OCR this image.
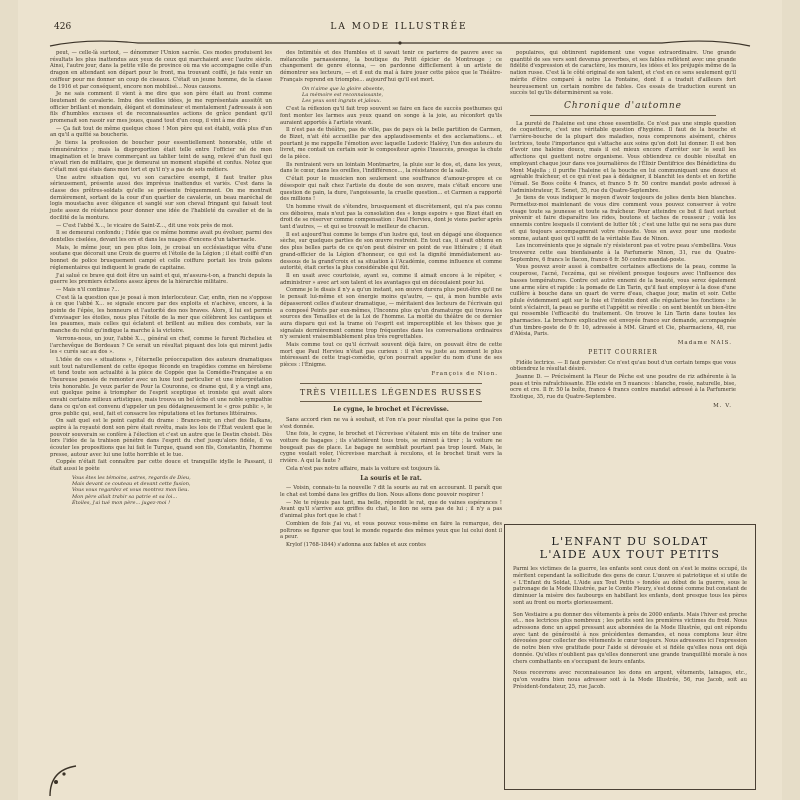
426	LA MODE ILLUSTRÉE

peut, — celle-là surtout, — dénommer l'Union sacrée. Ces modes produisent les résultats les plus inattendus aux yeux de ceux qui marchaient avec l'autre siècle. Ainsi, l'autre jour, dans la petite ville de province où ma vie accompagne celle d'un dragon en attendant son départ pour le front, ma trouvant coiffé, je fais venir un coiffeur pour me donner un coup de ciseaux. C'était un jeune homme, de la classe de 1916 et par conséquent, encore non mobilisé... Nous causons.

Je ne sais comment il vient à me dire que son père était au front comme lieutenant de cavalerie. Imbu des vieilles idées, je me représentais aussitôt un officier brillant et mondain, élégant et dominateur et mentalement j'adressais à son fils d'humbles excuses et de reconnaissantes actions de grâce pendant qu'il promenait son rasoir sur mes joues, quand tout d'un coup, il vint à me dire :

— Ça fait tout de même quelque chose ! Mon père qui est établi, voilà plus d'un an qu'il a quitté sa boucherie.

Je tiens la profession de boucher pour essentiellement honorable, utile et rémunératrice ; mais la disproportion était telle entre l'officier né de mon imagination et le brave commerçant au tablier teint de sang, relevé d'un fusil qui n'avait rien de militaire, que je demeurai un moment stupéfié et confus. Notez que c'était moi qui étais dans mon tort et qu'il n'y a pas de sots métiers.

Une autre situation qui, vu son caractère exempt, il faut traiter plus sérieusement, présente aussi des imprévus inattendus et variés. C'est dans la classe des prêtres-soldats qu'elle se présente fréquemment. On me montrait dernièrement, sortant de la cour d'un quartier de cavalerie, un beau maréchal de logis moustachu avec élégance et sanglé sur son cheval fringant qui faisait tout juste assez de résistance pour donner une idée de l'habileté du cavalier et de la docilité de la monture.

— C'est l'abbé X..., le vicaire de Saint-Z..., dit une voix près de moi.

Il se demeurai confondu ; l'idée que ce même homme avait pu évoluer, parmi des dentelles ciselées, devant les ors et dans les nuages d'encens d'un tabernacle.

Mais, le même jour, un peu plus loin, je croisai un ecclésiastique vêtu d'une soutane que décorait une Croix de guerre et l'étoile de la Légion ; il était coiffé d'un bonnet de police brusquement campé et celle coiffure portait les trois galons réglementaires qui indiquent le grade de capitaine.

J'ai salué ce brave qui doit être un saint et qui, m'assura-t-on, a franchi depuis la guerre les premiers échelons assez âpres de la hiérarchie militaire.

— Mais n'il continue ?...

C'est là la question que je posai à mon interlocuteur. Car, enfin, rien ne s'oppose à ce que l'abbé X... se signale encore par des exploits et n'achève, encore, à la pointe de l'épée, les honneurs et l'autorité des nos braves. Alors, il lui est permis d'envisager les étoiles, nous plus l'étoile de la mer que célèbrent les cantiques et les psaumes, mais celles qui éclatent et brillent au milieu des combats, sur la manche du relui qu'indique la marche à la victoire.

Verrons-nous, un jour, l'abbé X..., général en chef, comme le furent Richelieu et l'archevêque de Bordeaux ? Ce serait un résultat piquant des lois qui mirent jadis les « curés sac au dos ».

L'idée de ces « situations », l'éternelle préoccupation des auteurs dramatiques suit tout naturellement de cette époque féconde en tragédies comme en héroïsme et tend toute son actualité à la pièce de Coppée que la Comédie-Française a eu l'heureuse pensée de remonter avec un luxe tout particulier et une interprétation très honorable. Je veux parler de Pour la Couronne, ce drame qui, il y a vingt ans, eut quelque peine à triompher de l'esprit sceptique et ironiste qui avait alors envahi certains milieux artistiques, mais trouva un bel écho et une noble sympathie dans ce qu'on est convenu d'appeler un peu dédaigneusement le « gros public », le gros public qui, seul, fait et consacre les réputations et les fortunes littéraires.

On sait quel est le point capital du drame : Branco-mir, un chef des Balkans, aspire à la royauté dont son père était revêtu, mais les lois de l'État veulent que le pouvoir souverain se confère à l'élection et c'est un autre que le Destin choisit. Dès lors l'idée de la trahison pénètre dans l'esprit du chef jusqu'alors fidèle, il va écouter les propositions que lui fait le Turque, quand son fils, Constantin, l'homme presse, autour avec lui une lutte horrible et le tue.

Coppée n'était fait connaître par cette douce et tranquille idylle le Passant, il était aussi le poète

Vous êtes les témoins, astres, regards de Dieu,
Mais devant ce couteau et devant cette fusion,
Vous vous regardez et vous montrez mon lieu.
Mon père allait trahir sa patrie et sa loi...
Étoiles, j'ai tué mon père... jugez-moi !

des Intimités et des Humbles et il savait tenir ce parterre de pauvre avec sa mélancolie parnassienne, la boutique du Petit épicier de Montrouge ; ce changement de genre étonna, — on pardonne difficilement à un artiste de démontrer ses lecteurs, — et il eut du mal à faire jouer cette pièce que le Théâtre-Français reprend en triomphe... aujourd'hui qu'il est mort.

On n'aime que la gloire absente,
La mémoire est reconnaissante,
Les yeux sont ingrats et jaloux.

C'est la réflexion qu'il fait trop souvent se faire en face de succès posthumes qui font monter les larmes aux yeux quand on songe à la joie, au réconfort qu'ils auraient apportés à l'artiste vivant.

Il n'est pas de théâtre, pas de ville, pas de pays où la belle partition de Carmen, de Bizet, n'ait été accueillie par des applaudissements et des acclamations... et pourtant je me rappelle l'émotion avec laquelle Ludovic Halévy, l'un des auteurs du livret, me contait un certain soir le compositeur après l'insuccès, presque la chute de la pièce.

Ils rentraient vers un lointain Montmartre, la pluie sur le dos, et, dans les yeux, dans le cœur, dans les oreilles, l'indifférence..., la résistance de la salle.

C'était pour le musicien non seulement une souffrance d'amour-propre et ce désespoir qui naît chez l'artiste du doute de son œuvre, mais c'était encore une question de pain, la dure, l'angoissante, la cruelle question... et Carmen a rapporté des millions !

Un homme vivait de s'étendre, brusquement et discrètement, qui n'a pas connu ces déboires, mais n'eut pas la consolation des « longs espoirs » que Bizet était en droit de se réserver comme compensation : Paul Hervieu, dont je viens parler après tant d'autres, — et qui se trouvait le meilleur de chacun.

Il est aujourd'hui comme le temps d'un lustre qui, tout en dégagé une éloquence sèche, sur quelques parties de son œuvre restreint. En tout cas, il avait obtenu en des plus belles parts de ce qu'on peut désirer en point de vue littéraire ; il était grand-officier de la Légion d'honneur, ce qui est la dignité immédiatement au-dessous de la grand'croix et sa situation à l'Académie, comme influence et comme autorité, était certes la plus considérable qui fût.

Il en usait avec courtoisie, ayant su, comme il aimait encore à le répéter, « administrer » avec art son talent et les avantages qui en découlaient pour lui.

Comme je le disais il n'y a qu'un instant, son œuvre durera plus peut-être qu'il ne le pensait lui-même et son énergie moins qu'autre, — qui, à mon humble avis dépasseront celles d'auteur dramatique, — méritaient des lecteurs de l'écrivain qui a composé Peints par eux-mêmes, l'Inconnu plus qu'un dramaturge qui trouva les sources des Tenailles et de la Loi de l'homme. La moitié du théâtre de ce dernier aura disparu qui est la trame où l'esprit est imperceptible et les thèses que je signalais dernièrement comme trop fréquentes dans les conversations ordinaires n'y seraient vraisemblablement plus très regrettables.

Mais comme tout ce qu'il écrivait souvent déjà faire, on pouvait être de cette mort que Paul Hervieu n'était pas curieux : il n'en va juste au moment le plus intéressant de cette tragi-comédie, qu'on pourrait appeler du nom d'une de ses pièces : l'Énigme.

François de Nion.
TRÈS VIEILLES LÉGENDES RUSSES
Le cygne, le brochet et l'écrevisse.

Sans accord rien ne va à souhait, et l'on n'a pour résultat que la peine que l'on s'est donnée.

Une fois, le cygne, le brochet et l'écrevisse s'étaient mis en tête de traîner une voiture de bagages ; ils s'attelèrent tous trois, se mirent à tirer ; la voiture ne bougeait pas de place. Le bagage ne semblait pourtant pas trop lourd. Mais, le cygne voulait voler, l'écrevisse marchait à reculons, et le brochet tirait vers la rivière. A qui la faute ?

Cela n'est pas notre affaire, mais la voiture est toujours là.

La souris et le rat.

— Voisin, connais-tu la nouvelle ? dit la souris au rat en accourant. Il paraît que le chat est tombé dans les griffes du lion. Nous allons donc pouvoir respirer !

— Ne te réjouis pas tant, ma belle, répondit le rat, que de vaines espérances ! Avant qu'il s'arrive aux griffes du chat, le lion ne sera pas de lui ; il n'y a pas d'animal plus fort que le chat !

Combien de fois j'ai vu, et vous pouvez vous-même en faire la remarque, des poltrons se figurer que tout le monde regarde des mêmes yeux que lui celui dont il a peur.

Krylof (1768-1844) s'adonna aux fables et aux contes

populaires, qui obtinrent rapidement une vogue extraordinaire. Une grande quantité de ses vers sont devenus proverbes, et ses fables reflètent avec une grande fidélité d'expression et de caractère, les mœurs, les idées et les préjugés même de la nation russe. C'est là le côté original de son talent, et c'est en ce sens seulement qu'il mérite d'être comparé à notre La Fontaine, dont il a traduit d'ailleurs fort heureusement un certain nombre de fables. Ces essais de traduction eurent un succès tel qu'ils déterminèrent sa voie.

Chronique d'automne

La pureté de l'haleine est une chose essentielle. Ce n'est pas une simple question de coquetterie, c'est une véritable question d'hygiène. Il faut de la bouche et l'arrière-bouche de la plupart des maladies, nous comprenons aisément, chères lectrices, toute l'importance qui s'attache aux soins qu'on doit lui donner. Il est bon d'avoir une haleine douce, mais il est mieux encore d'arrêter sur le seuil les affections qui guettent notre organisme. Vous obtiendrez ce double résultat en employant chaque jour dans vos journalières de l'Élixir Dentifrice des Bénédictins du Mont Majella ; il purifie l'haleine et la bouche en lui communiquant une douce et agréable fraîcheur, et ce qui n'est pas à dédaigner, il blanchit les dents et en fortifie l'émail. Se Boos coûte 4 francs, et franco 5 fr. 50 contre mandat poste adressé à l'administrateur, E. Senet, 35, rue du Quatre-Septembre.

Je tiens de vous indiquer le moyen d'avoir toujours de jolies dents bien blanches. Permettez-moi maintenant de vous dire comment vous pouvez conserver à votre visage toute sa jeunesse et toute sa fraîcheur. Pour atteindre ce but il faut surtout prévenir et faire disparaître les rides, boutons et taches de rousseur ; voilà les ennemis contre lesquels il convient de lutter tôt ; c'est une lutte qui ne sera pas dure et qui toujours accompagnerait votre réussite. Vous en avez pour une modeste somme, autant quoi qu'il suffit de la véritable Eau de Ninon.

Les inconvénients que je signale n'y résisteront pas et votre peau s'embellira. Vous trouverez cette eau bienfaisante à la Parfumerie Ninon, 31, rue du Quatre-Septembre, 6 francs le flacon, franco 6 fr. 50 contre mandat-poste.

Vous pouvez avoir aussi à combattre certaines affections de la peau, comme la couperose, l'acné, l'eczéma, qui se révèlent presque toujours avec l'influence des basses températures. Contre cet autre ennemi de la beauté, vous serez également une arme sûre et rapide : la pomade de Lin Tarin, qu'il faut employer à la dose d'une cuillère à bouche dans un quart de verre d'eau, chaque jour, matin et soir. Cette pilule évidemment agit sur le foie et l'intestin dont elle régularise les fonctions : le teint s'éclaircit, la peau se purifie et l'appétit se réveille : on sent bientôt un bien-être qui ressemble l'efficacité du traitement. On trouve le Lin Tarin dans toutes les pharmacies. La brochure explicative est envoyée franco sur demande, accompagnée d'un timbre-poste de 0 fr. 10, adressée à MM. Girard et Cie, pharmaciens, 48, rue d'Alésia, Paris.

Madame NAIS.
PETIT COURRIER

Fidèle lectrice. — Il faut persister. Ce n'est qu'au bout d'un certain temps que vous obtiendrez le résultat désiré.

Jeanne D. — Précisément la Fleur de Pêche est une poudre de riz adhérente à la peau et très rafraîchissante. Elle existe en 5 nuances : blanche, rosée, naturelle, bise, ocre et cre. Il fr. 50 la boîte, franco 4 francs contre mandat adressé à la Parfumerie Exotique, 35, rue du Quatre-Septembre.

M. V.
L'ENFANT DU SOLDAT
L'AIDE AUX TOUT PETITS

Parmi les victimes de la guerre, les enfants sont ceux dont on s'est le moins occupé, ils méritent cependant la sollicitude des gens de cœur. L'œuvre si patriotique et si utile de « L'Enfant du Soldat, L'Aide aux Tout Petits » fondée au début de la guerre, sous le patronage de la Mode Illustrée, par le Comte Fleury, s'est donné comme but constant de diminuer la misère des faubourgs en habillant les enfants, dont presque tous les pères sont au front ou morts glorieusement.

Son Vestiaire a pu donner des vêtements à près de 2000 enfants. Mais l'hiver est proche et... nos lectrices plus nombreux ; les petits sont les premières victimes du froid. Nous adressons donc un appel pressant aux abonnées de la Mode Illustrée, qui ont répondu avec tant de générosité à nos précédentes demandes, et nous comptons leur être dévouées pour collecter des vêtements le cœur toujours. Nous adressons ici l'expression de notre bien vive gratitude pour l'aide si dévouée et si fidèle qu'elles nous ont déjà donnée. Qu'elles n'oublient pas qu'elles donneront une grande tranquillité morale à nos chers combattants en s'occupant de leurs enfants.

Nous recevrons avec reconnaissance les dons en argent, vêtements, lainages, etc., qu'on voudra bien nous adresser soit à la Mode Illustrée, 56, rue Jacob, soit au Président-fondateur, 25, rue Jacob.
